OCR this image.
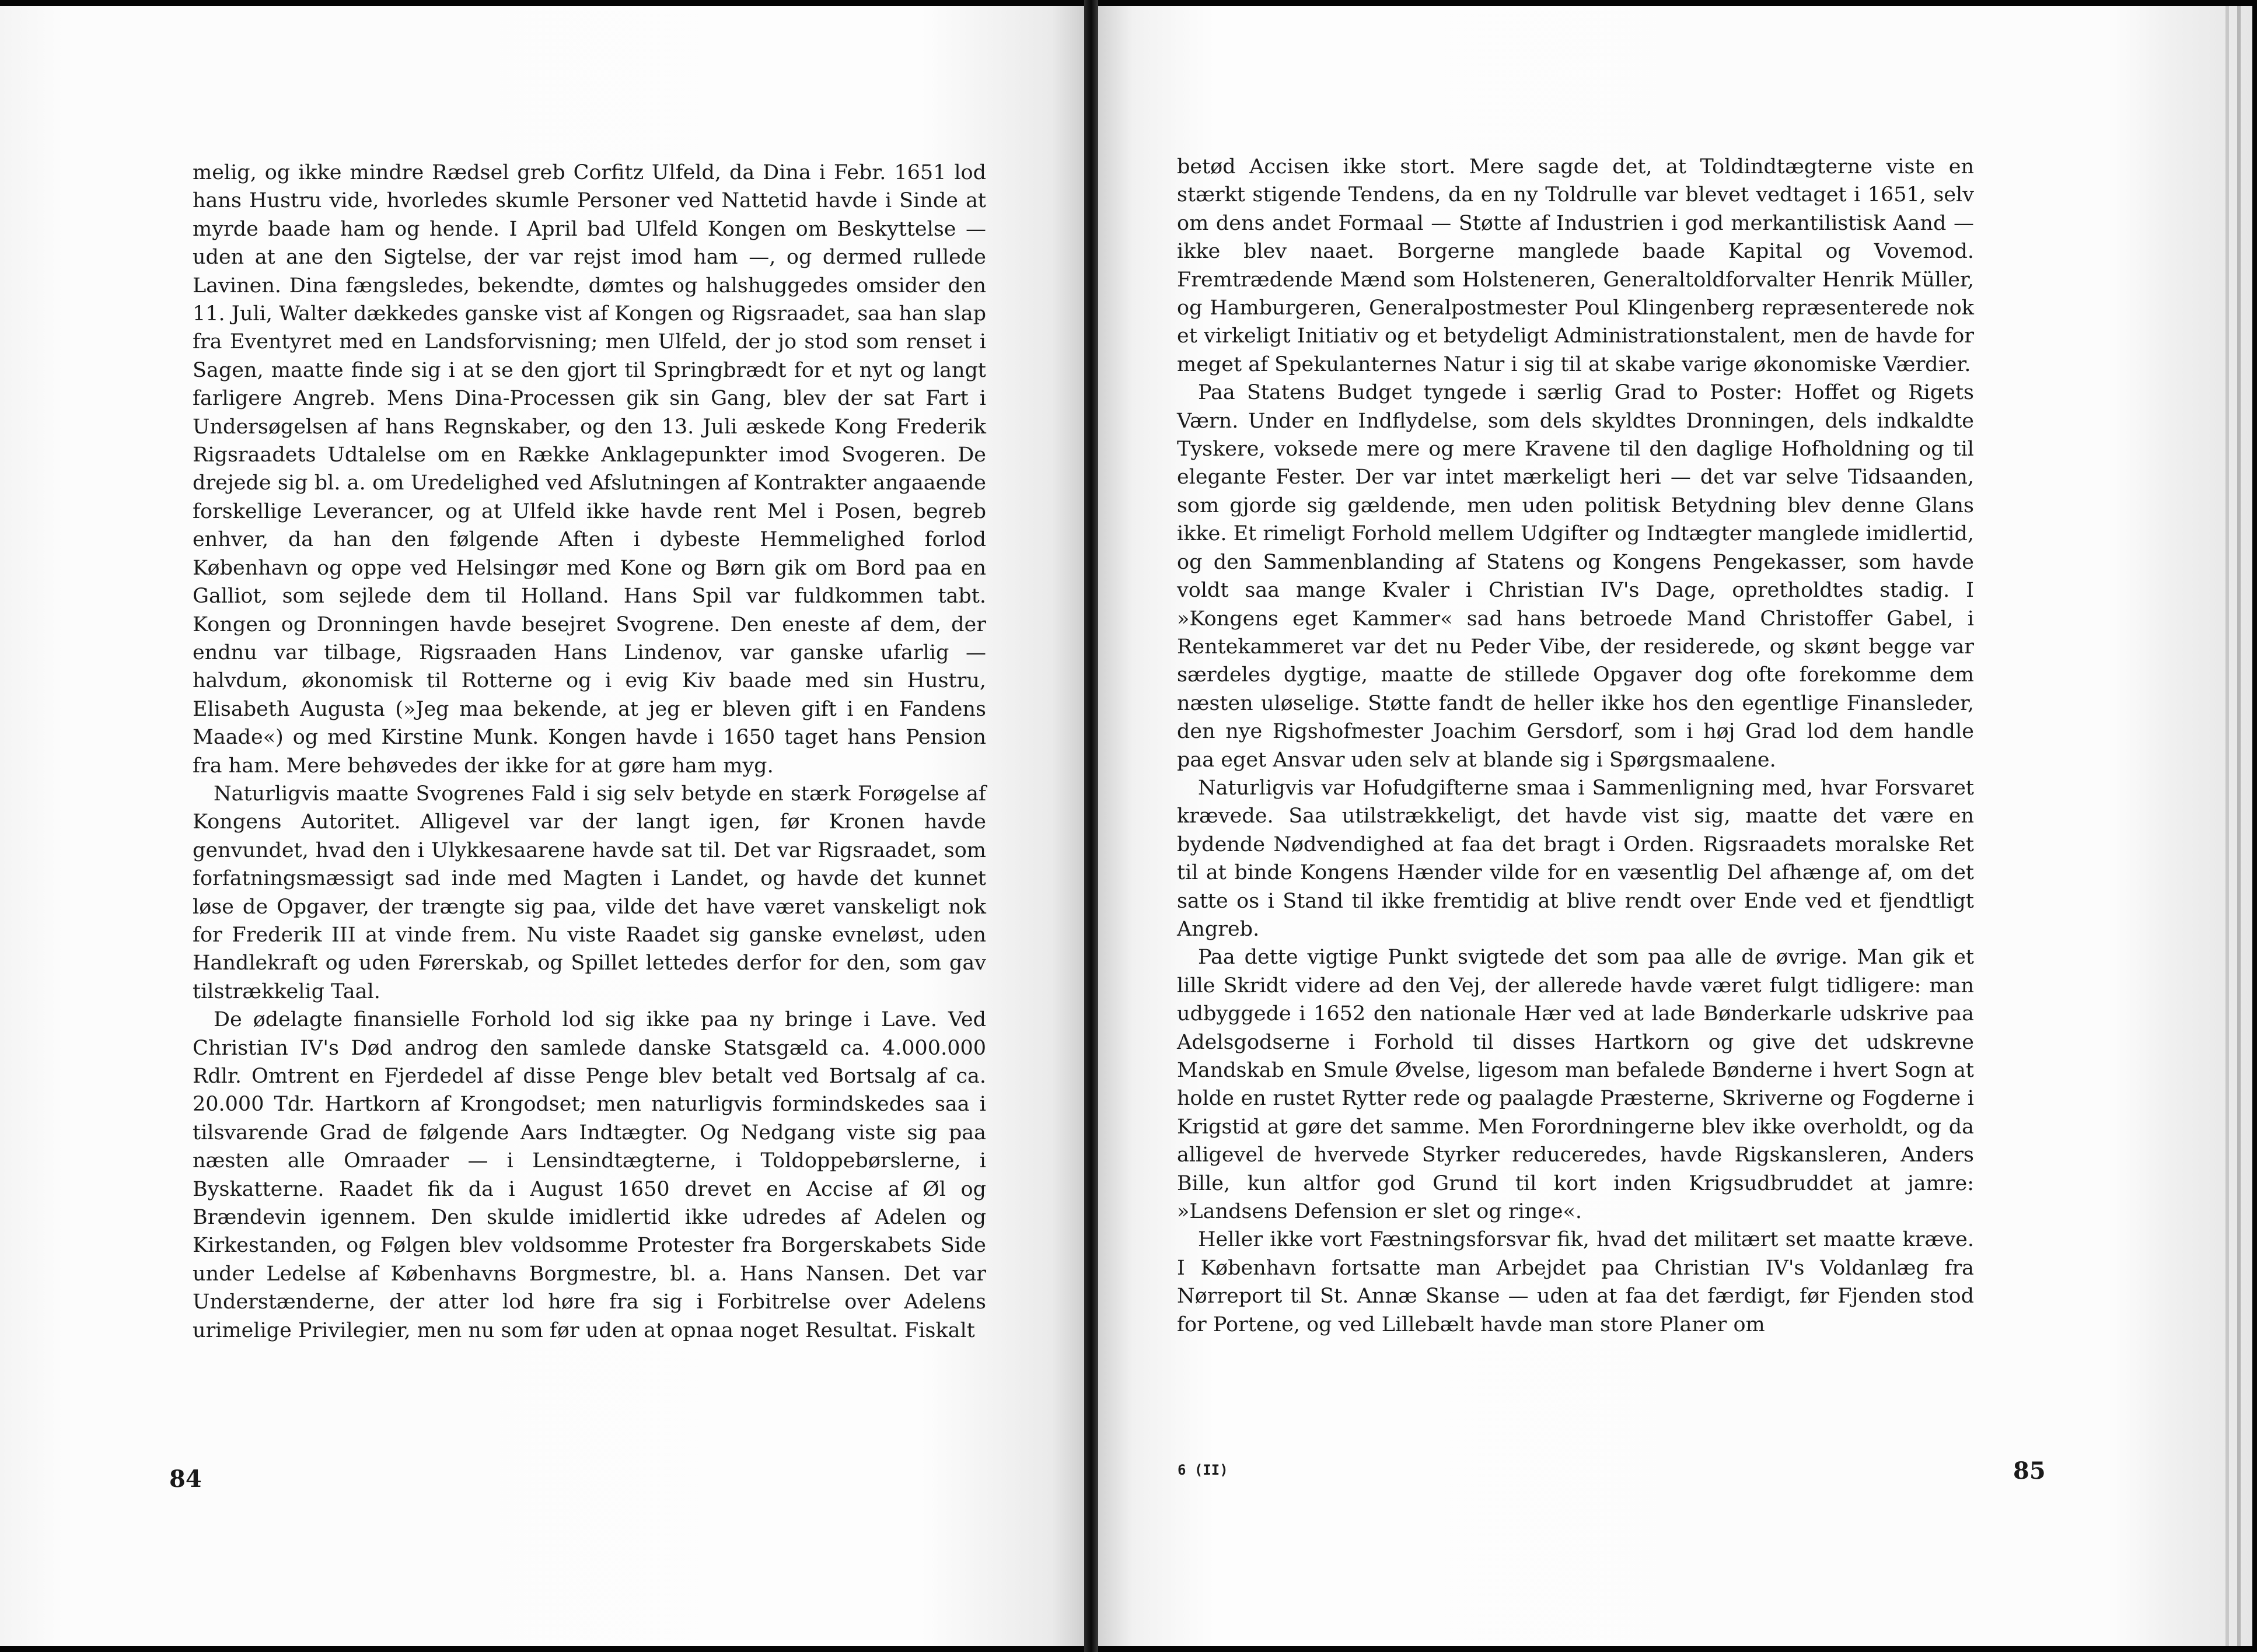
melig, og ikke mindre Rædsel greb Corfitz Ulfeld, da Dina i Febr. 1651 lod hans Hustru vide, hvorledes skumle Personer ved Nattetid havde i Sinde at myrde baade ham og hende. I April bad Ulfeld Kongen om Beskyttelse — uden at ane den Sigtelse, der var rejst imod ham —, og dermed rullede Lavinen. Dina fængsledes, bekendte, dømtes og halshuggedes omsider den 11. Juli, Walter dækkedes ganske vist af Kongen og Rigsraadet, saa han slap fra Eventyret med en Landsforvisning; men Ulfeld, der jo stod som renset i Sagen, maatte finde sig i at se den gjort til Springbrædt for et nyt og langt farligere Angreb. Mens Dina-Processen gik sin Gang, blev der sat Fart i Undersøgelsen af hans Regnskaber, og den 13. Juli æskede Kong Frederik Rigsraadets Udtalelse om en Række Anklagepunkter imod Svogeren. De drejede sig bl. a. om Uredelighed ved Afslutningen af Kontrakter angaaende forskellige Leverancer, og at Ulfeld ikke havde rent Mel i Posen, begreb enhver, da han den følgende Aften i dybeste Hemmelighed forlod København og oppe ved Helsingør med Kone og Børn gik om Bord paa en Galliot, som sejlede dem til Holland. Hans Spil var fuldkommen tabt. Kongen og Dronningen havde besejret Svogrene. Den eneste af dem, der endnu var tilbage, Rigsraaden Hans Lindenov, var ganske ufarlig — halvdum, økonomisk til Rotterne og i evig Kiv baade med sin Hustru, Elisabeth Augusta (»Jeg maa bekende, at jeg er bleven gift i en Fandens Maade«) og med Kirstine Munk. Kongen havde i 1650 taget hans Pension fra ham. Mere behøvedes der ikke for at gøre ham myg.

Naturligvis maatte Svogrenes Fald i sig selv betyde en stærk Forøgelse af Kongens Autoritet. Alligevel var der langt igen, før Kronen havde genvundet, hvad den i Ulykkesaarene havde sat til. Det var Rigsraadet, som forfatningsmæssigt sad inde med Magten i Landet, og havde det kunnet løse de Opgaver, der trængte sig paa, vilde det have været vanskeligt nok for Frederik III at vinde frem. Nu viste Raadet sig ganske evneløst, uden Handlekraft og uden Førerskab, og Spillet lettedes derfor for den, som gav tilstrækkelig Taal.

De ødelagte finansielle Forhold lod sig ikke paa ny bringe i Lave. Ved Christian IV's Død androg den samlede danske Statsgæld ca. 4.000.000 Rdlr. Omtrent en Fjerdedel af disse Penge blev betalt ved Bortsalg af ca. 20.000 Tdr. Hartkorn af Krongodset; men naturligvis formindskedes saa i tilsvarende Grad de følgende Aars Indtægter. Og Nedgang viste sig paa næsten alle Omraader — i Lensindtægterne, i Toldoppebørslerne, i Byskatterne. Raadet fik da i August 1650 drevet en Accise af Øl og Brændevin igennem. Den skulde imidlertid ikke udredes af Adelen og Kirkestanden, og Følgen blev voldsomme Protester fra Borgerskabets Side under Ledelse af Københavns Borgmestre, bl. a. Hans Nansen. Det var Understænderne, der atter lod høre fra sig i Forbitrelse over Adelens urimelige Privilegier, men nu som før uden at opnaa noget Resultat. Fiskalt

84

betød Accisen ikke stort. Mere sagde det, at Toldindtægterne viste en stærkt stigende Tendens, da en ny Toldrulle var blevet vedtaget i 1651, selv om dens andet Formaal — Støtte af Industrien i god merkantilistisk Aand — ikke blev naaet. Borgerne manglede baade Kapital og Vovemod. Fremtrædende Mænd som Holsteneren, Generaltoldforvalter Henrik Müller, og Hamburgeren, Generalpostmester Poul Klingenberg repræsenterede nok et virkeligt Initiativ og et betydeligt Administrationstalent, men de havde for meget af Spekulanternes Natur i sig til at skabe varige økonomiske Værdier.

Paa Statens Budget tyngede i særlig Grad to Poster: Hoffet og Rigets Værn. Under en Indflydelse, som dels skyldtes Dronningen, dels indkaldte Tyskere, voksede mere og mere Kravene til den daglige Hofholdning og til elegante Fester. Der var intet mærkeligt heri — det var selve Tidsaanden, som gjorde sig gældende, men uden politisk Betydning blev denne Glans ikke. Et rimeligt Forhold mellem Udgifter og Indtægter manglede imidlertid, og den Sammenblanding af Statens og Kongens Pengekasser, som havde voldt saa mange Kvaler i Christian IV's Dage, opretholdtes stadig. I »Kongens eget Kammer« sad hans betroede Mand Christoffer Gabel, i Rentekammeret var det nu Peder Vibe, der residerede, og skønt begge var særdeles dygtige, maatte de stillede Opgaver dog ofte forekomme dem næsten uløselige. Støtte fandt de heller ikke hos den egentlige Finansleder, den nye Rigshofmester Joachim Gersdorf, som i høj Grad lod dem handle paa eget Ansvar uden selv at blande sig i Spørgsmaalene.

Naturligvis var Hofudgifterne smaa i Sammenligning med, hvar Forsvaret krævede. Saa utilstrækkeligt, det havde vist sig, maatte det være en bydende Nødvendighed at faa det bragt i Orden. Rigsraadets moralske Ret til at binde Kongens Hænder vilde for en væsentlig Del afhænge af, om det satte os i Stand til ikke fremtidig at blive rendt over Ende ved et fjendtligt Angreb.

Paa dette vigtige Punkt svigtede det som paa alle de øvrige. Man gik et lille Skridt videre ad den Vej, der allerede havde været fulgt tidligere: man udbyggede i 1652 den nationale Hær ved at lade Bønderkarle udskrive paa Adelsgodserne i Forhold til disses Hartkorn og give det udskrevne Mandskab en Smule Øvelse, ligesom man befalede Bønderne i hvert Sogn at holde en rustet Rytter rede og paalagde Præsterne, Skriverne og Fogderne i Krigstid at gøre det samme. Men Forordningerne blev ikke overholdt, og da alligevel de hvervede Styrker reduceredes, havde Rigskansleren, Anders Bille, kun altfor god Grund til kort inden Krigsudbruddet at jamre: »Landsens Defension er slet og ringe«.

Heller ikke vort Fæstningsforsvar fik, hvad det militært set maatte kræve. I København fortsatte man Arbejdet paa Christian IV's Voldanlæg fra Nørreport til St. Annæ Skanse — uden at faa det færdigt, før Fjenden stod for Portene, og ved Lillebælt havde man store Planer om

6 (II)	85
